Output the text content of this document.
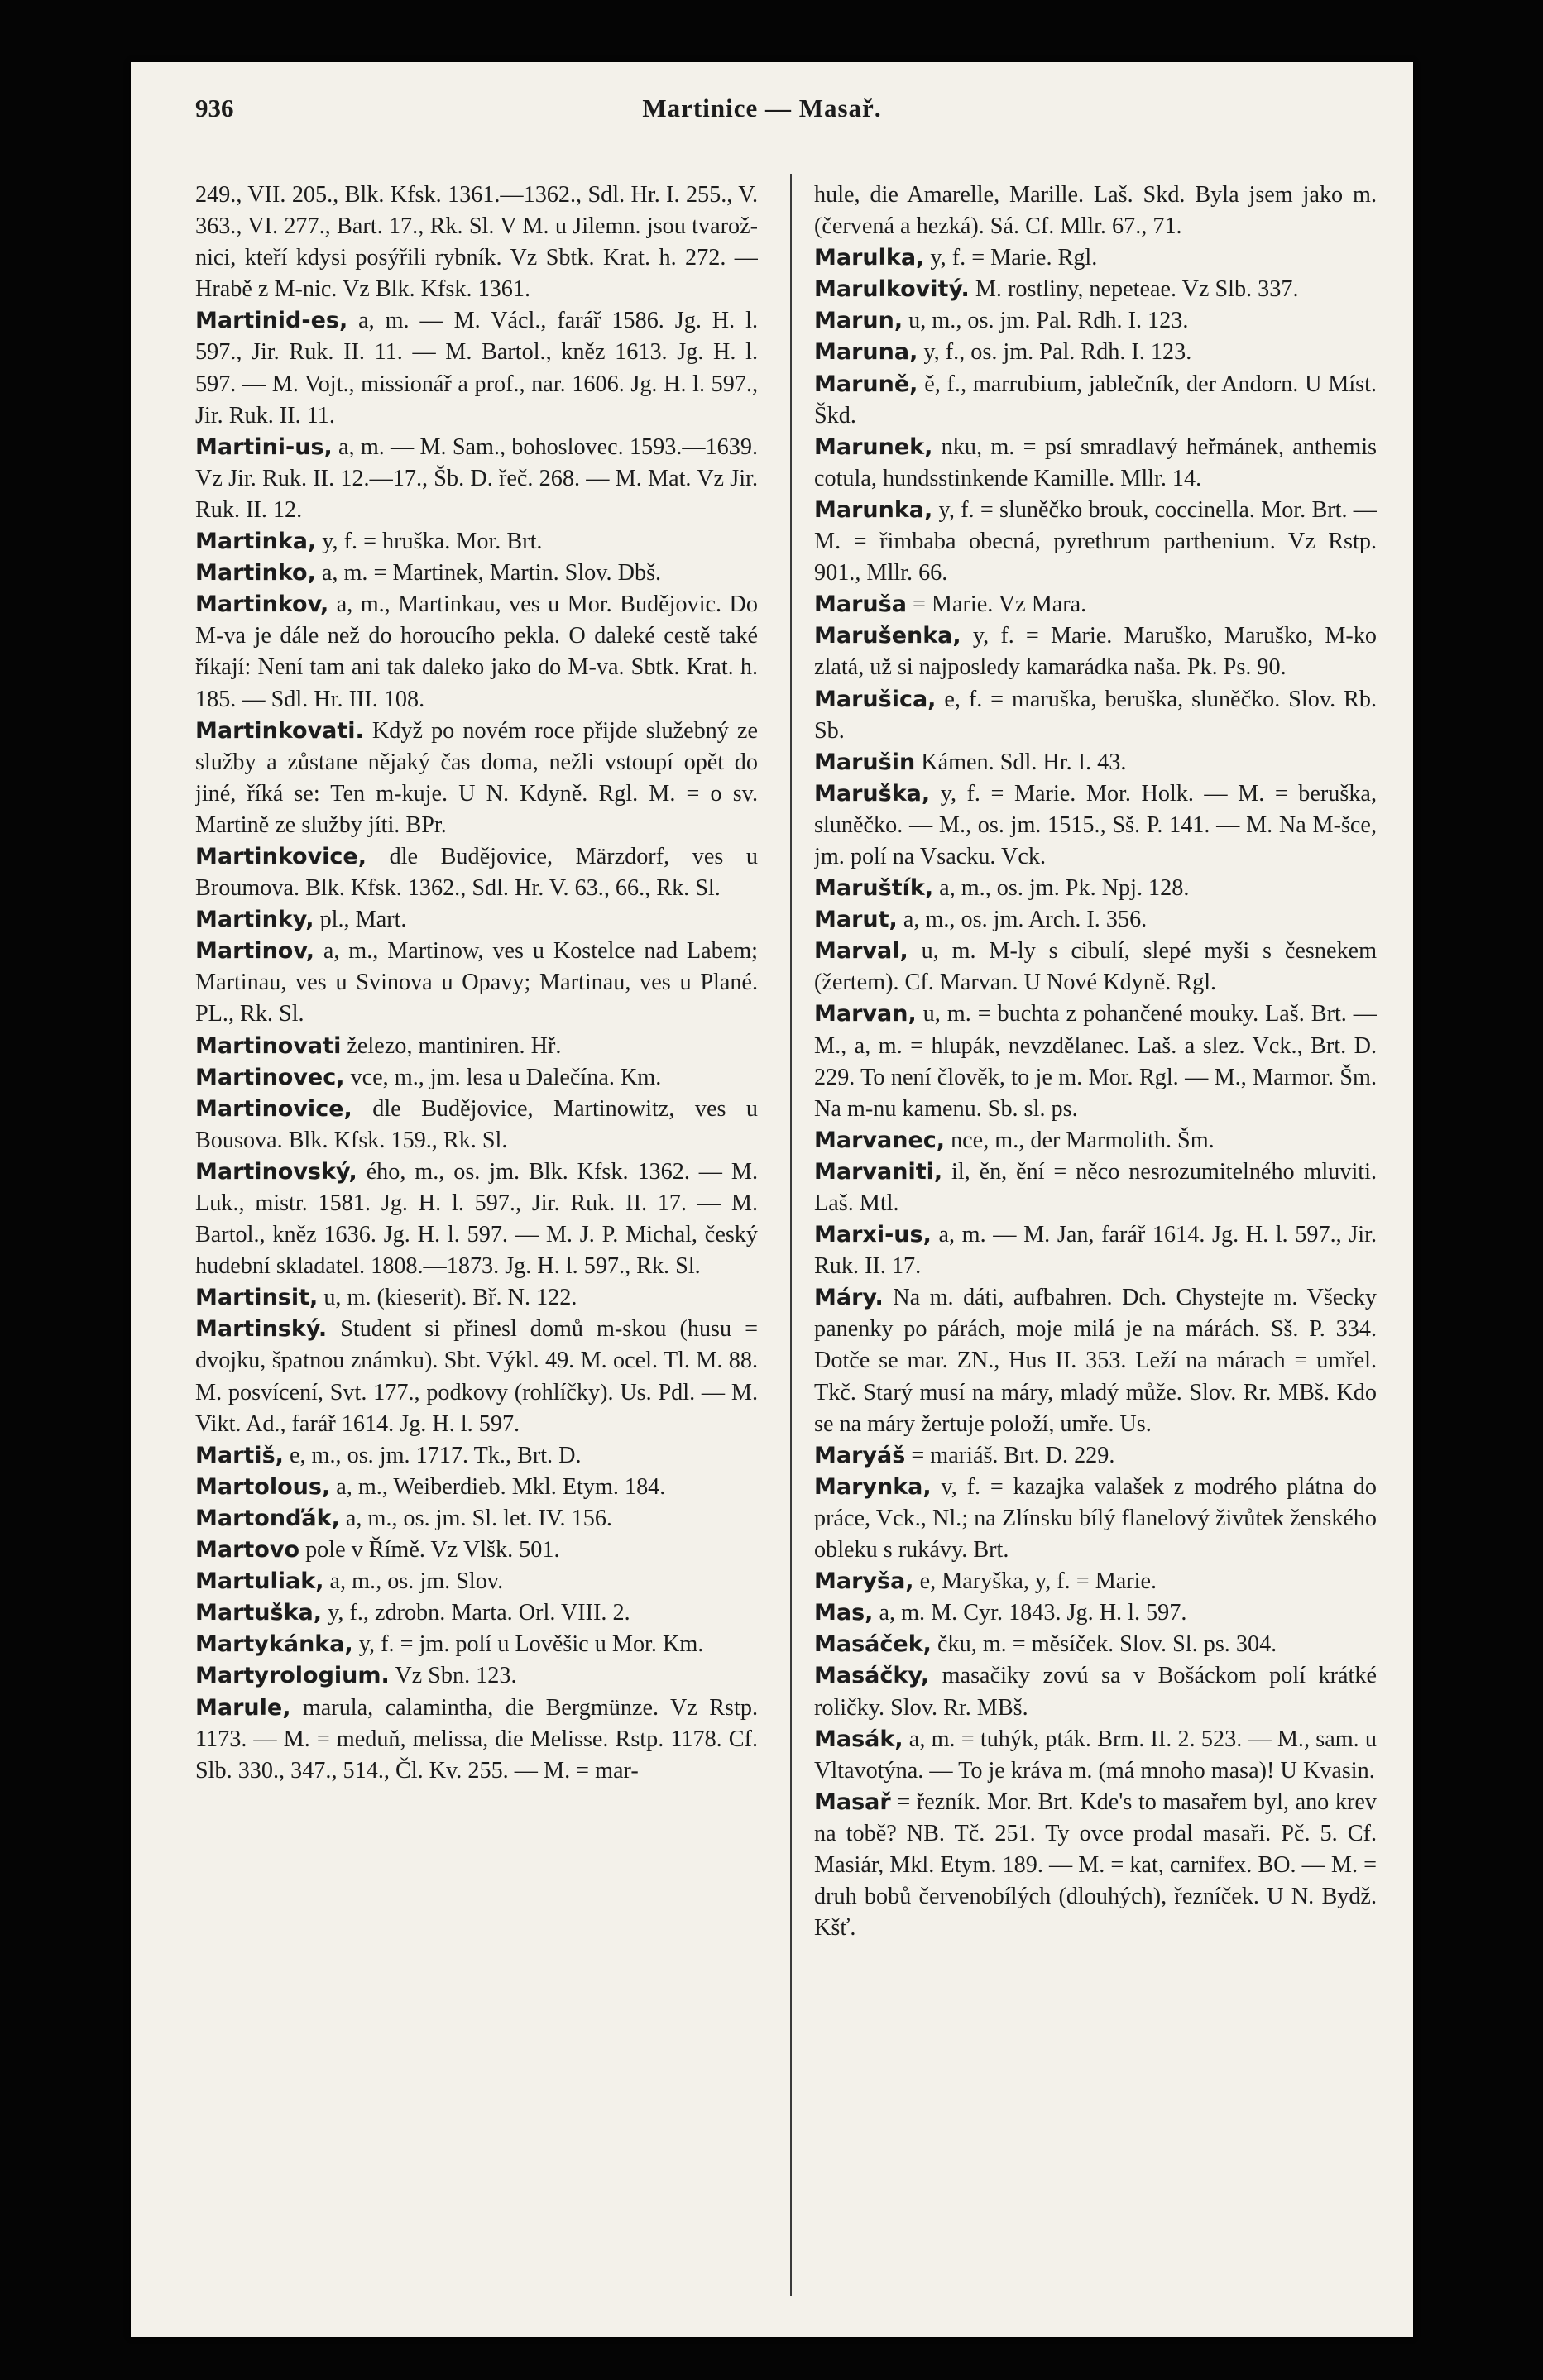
936	Martinice — Masař.

249., VII. 205., Blk. Kfsk. 1361.—1362., Sdl. Hr. I. 255., V. 363., VI. 277., Bart. 17., Rk. Sl. V M. u Jilemn. jsou tvarož-nici, kteří kdysi posýřili rybník. Vz Sbtk. Krat. h. 272. — Hrabě z M-nic. Vz Blk. Kfsk. 1361.

Martinid-es, a, m. — M. Václ., farář 1586. Jg. H. l. 597., Jir. Ruk. II. 11. — M. Bartol., kněz 1613. Jg. H. l. 597. — M. Vojt., missionář a prof., nar. 1606. Jg. H. l. 597., Jir. Ruk. II. 11.

Martini-us, a, m. — M. Sam., bohoslovec. 1593.—1639. Vz Jir. Ruk. II. 12.—17., Šb. D. řeč. 268. — M. Mat. Vz Jir. Ruk. II. 12.

Martinka, y, f. = hruška. Mor. Brt.

Martinko, a, m. = Martinek, Martin. Slov. Dbš.

Martinkov, a, m., Martinkau, ves u Mor. Budějovic. Do M-va je dále než do horoucího pekla. O daleké cestě také říkají: Není tam ani tak daleko jako do M-va. Sbtk. Krat. h. 185. — Sdl. Hr. III. 108.

Martinkovati. Když po novém roce přijde služebný ze služby a zůstane nějaký čas doma, nežli vstoupí opět do jiné, říká se: Ten m-kuje. U N. Kdyně. Rgl. M. = o sv. Martině ze služby jíti. BPr.

Martinkovice, dle Budějovice, Märzdorf, ves u Broumova. Blk. Kfsk. 1362., Sdl. Hr. V. 63., 66., Rk. Sl.

Martinky, pl., Mart.

Martinov, a, m., Martinow, ves u Kostelce nad Labem; Martinau, ves u Svinova u Opavy; Martinau, ves u Plané. PL., Rk. Sl.

Martinovati železo, mantiniren. Hř.

Martinovec, vce, m., jm. lesa u Dalečína. Km.

Martinovice, dle Budějovice, Martinowitz, ves u Bousova. Blk. Kfsk. 159., Rk. Sl.

Martinovský, ého, m., os. jm. Blk. Kfsk. 1362. — M. Luk., mistr. 1581. Jg. H. l. 597., Jir. Ruk. II. 17. — M. Bartol., kněz 1636. Jg. H. l. 597. — M. J. P. Michal, český hudební skladatel. 1808.—1873. Jg. H. l. 597., Rk. Sl.

Martinsit, u, m. (kieserit). Bř. N. 122.

Martinský. Student si přinesl domů m-skou (husu = dvojku, špatnou známku). Sbt. Výkl. 49. M. ocel. Tl. M. 88. M. posvícení, Svt. 177., podkovy (rohlíčky). Us. Pdl. — M. Vikt. Ad., farář 1614. Jg. H. l. 597.

Martiš, e, m., os. jm. 1717. Tk., Brt. D.

Martolous, a, m., Weiberdieb. Mkl. Etym. 184.

Martonďák, a, m., os. jm. Sl. let. IV. 156.

Martovo pole v Římě. Vz Vlšk. 501.

Martuliak, a, m., os. jm. Slov.

Martuška, y, f., zdrobn. Marta. Orl. VIII. 2.

Martykánka, y, f. = jm. polí u Lověšic u Mor. Km.

Martyrologium. Vz Sbn. 123.

Marule, marula, calamintha, die Bergmünze. Vz Rstp. 1173. — M. = meduň, melissa, die Melisse. Rstp. 1178. Cf. Slb. 330., 347., 514., Čl. Kv. 255. — M. = mar-

hule, die Amarelle, Marille. Laš. Skd. Byla jsem jako m. (červená a hezká). Sá. Cf. Mllr. 67., 71.

Marulka, y, f. = Marie. Rgl.

Marulkovitý. M. rostliny, nepeteae. Vz Slb. 337.

Marun, u, m., os. jm. Pal. Rdh. I. 123.

Maruna, y, f., os. jm. Pal. Rdh. I. 123.

Maruně, ě, f., marrubium, jablečník, der Andorn. U Míst. Škd.

Marunek, nku, m. = psí smradlavý heřmánek, anthemis cotula, hundsstinkende Kamille. Mllr. 14.

Marunka, y, f. = sluněčko brouk, coccinella. Mor. Brt. — M. = řimbaba obecná, pyrethrum parthenium. Vz Rstp. 901., Mllr. 66.

Maruša = Marie. Vz Mara.

Marušenka, y, f. = Marie. Maruško, Maruško, M-ko zlatá, už si najposledy kamarádka naša. Pk. Ps. 90.

Marušica, e, f. = maruška, beruška, sluněčko. Slov. Rb. Sb.

Marušin Kámen. Sdl. Hr. I. 43.

Maruška, y, f. = Marie. Mor. Holk. — M. = beruška, sluněčko. — M., os. jm. 1515., Sš. P. 141. — M. Na M-šce, jm. polí na Vsacku. Vck.

Maruštík, a, m., os. jm. Pk. Npj. 128.

Marut, a, m., os. jm. Arch. I. 356.

Marval, u, m. M-ly s cibulí, slepé myši s česnekem (žertem). Cf. Marvan. U Nové Kdyně. Rgl.

Marvan, u, m. = buchta z pohančené mouky. Laš. Brt. — M., a, m. = hlupák, nevzdělanec. Laš. a slez. Vck., Brt. D. 229. To není člověk, to je m. Mor. Rgl. — M., Marmor. Šm. Na m-nu kamenu. Sb. sl. ps.

Marvanec, nce, m., der Marmolith. Šm.

Marvaniti, il, ěn, ění = něco nesrozumitelného mluviti. Laš. Mtl.

Marxi-us, a, m. — M. Jan, farář 1614. Jg. H. l. 597., Jir. Ruk. II. 17.

Máry. Na m. dáti, aufbahren. Dch. Chystejte m. Všecky panenky po párách, moje milá je na márách. Sš. P. 334. Dotče se mar. ZN., Hus II. 353. Leží na márach = umřel. Tkč. Starý musí na máry, mladý může. Slov. Rr. MBš. Kdo se na máry žertuje položí, umře. Us.

Maryáš = mariáš. Brt. D. 229.

Marynka, v, f. = kazajka valašek z modrého plátna do práce, Vck., Nl.; na Zlínsku bílý flanelový živůtek ženského obleku s rukávy. Brt.

Maryša, e, Maryška, y, f. = Marie.

Mas, a, m. M. Cyr. 1843. Jg. H. l. 597.

Masáček, čku, m. = měsíček. Slov. Sl. ps. 304.

Masáčky, masačiky zovú sa v Bošáckom polí krátké roličky. Slov. Rr. MBš.

Masák, a, m. = tuhýk, pták. Brm. II. 2. 523. — M., sam. u Vltavotýna. — To je kráva m. (má mnoho masa)! U Kvasin.

Masař = řezník. Mor. Brt. Kde's to masařem byl, ano krev na tobě? NB. Tč. 251. Ty ovce prodal masaři. Pč. 5. Cf. Masiár, Mkl. Etym. 189. — M. = kat, carnifex. BO. — M. = druh bobů červenobílých (dlouhých), řezníček. U N. Bydž. Kšť.
